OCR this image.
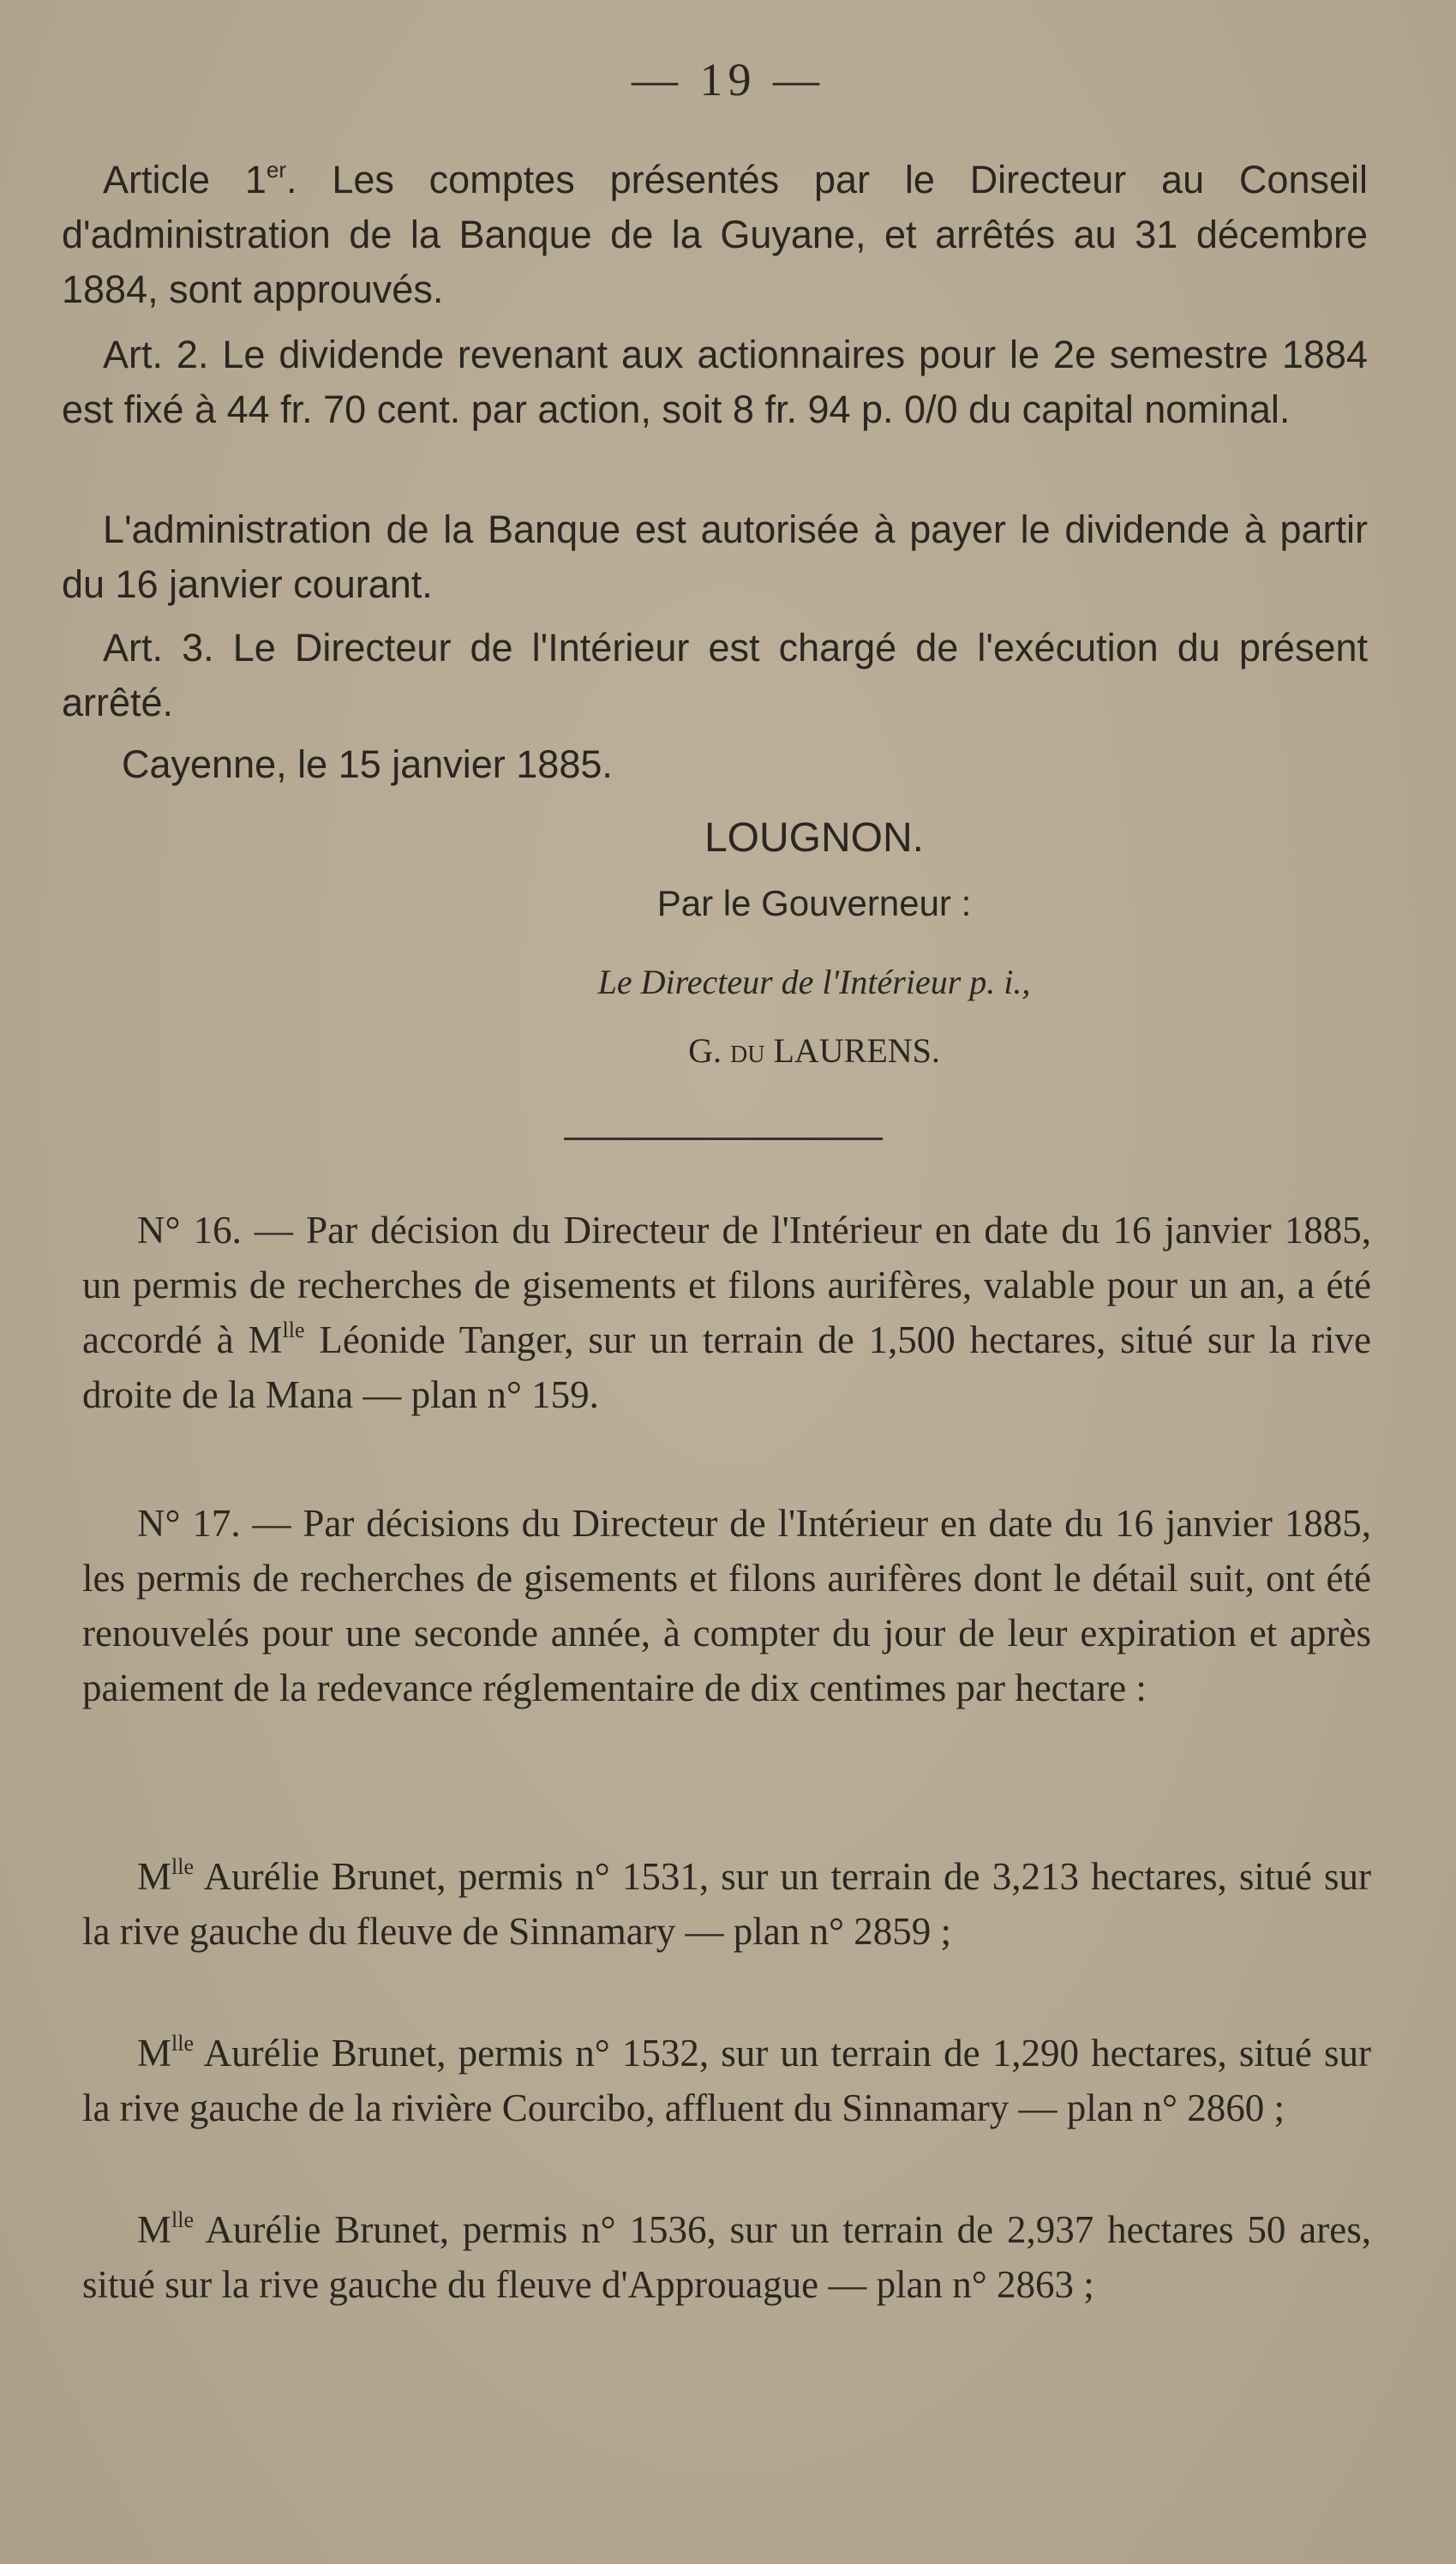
— 19 —

Article 1er. Les comptes présentés par le Directeur au Conseil d'administration de la Banque de la Guyane, et arrêtés au 31 décembre 1884, sont approuvés.

Art. 2. Le dividende revenant aux actionnaires pour le 2e semestre 1884 est fixé à 44 fr. 70 cent. par action, soit 8 fr. 94 p. 0/0 du capital nominal.

L'administration de la Banque est autorisée à payer le dividende à partir du 16 janvier courant.

Art. 3. Le Directeur de l'Intérieur est chargé de l'exécution du présent arrêté.

Cayenne, le 15 janvier 1885.

LOUGNON.

Par le Gouverneur :

Le Directeur de l'Intérieur p. i.,

G. du LAURENS.

N° 16. — Par décision du Directeur de l'Intérieur en date du 16 janvier 1885, un permis de recherches de gisements et filons aurifères, valable pour un an, a été accordé à $M^{lle}$ Léonide Tanger, sur un terrain de 1,500 hectares, situé sur la rive droite de la Mana — plan n° 159.

N° 17. — Par décisions du Directeur de l'Intérieur en date du 16 janvier 1885, les permis de recherches de gisements et filons aurifères dont le détail suit, ont été renouvelés pour une seconde année, à compter du jour de leur expiration et après paiement de la redevance réglementaire de dix centimes par hectare :

$M^{lle}$ Aurélie Brunet, permis n° 1531, sur un terrain de 3,213 hectares, situé sur la rive gauche du fleuve de Sinnamary — plan n° 2859 ;

$M^{lle}$ Aurélie Brunet, permis n° 1532, sur un terrain de 1,290 hectares, situé sur la rive gauche de la rivière Courcibo, affluent du Sinnamary — plan n° 2860 ;

$M^{lle}$ Aurélie Brunet, permis n° 1536, sur un terrain de 2,937 hectares 50 ares, situé sur la rive gauche du fleuve d'Approuague — plan n° 2863 ;
